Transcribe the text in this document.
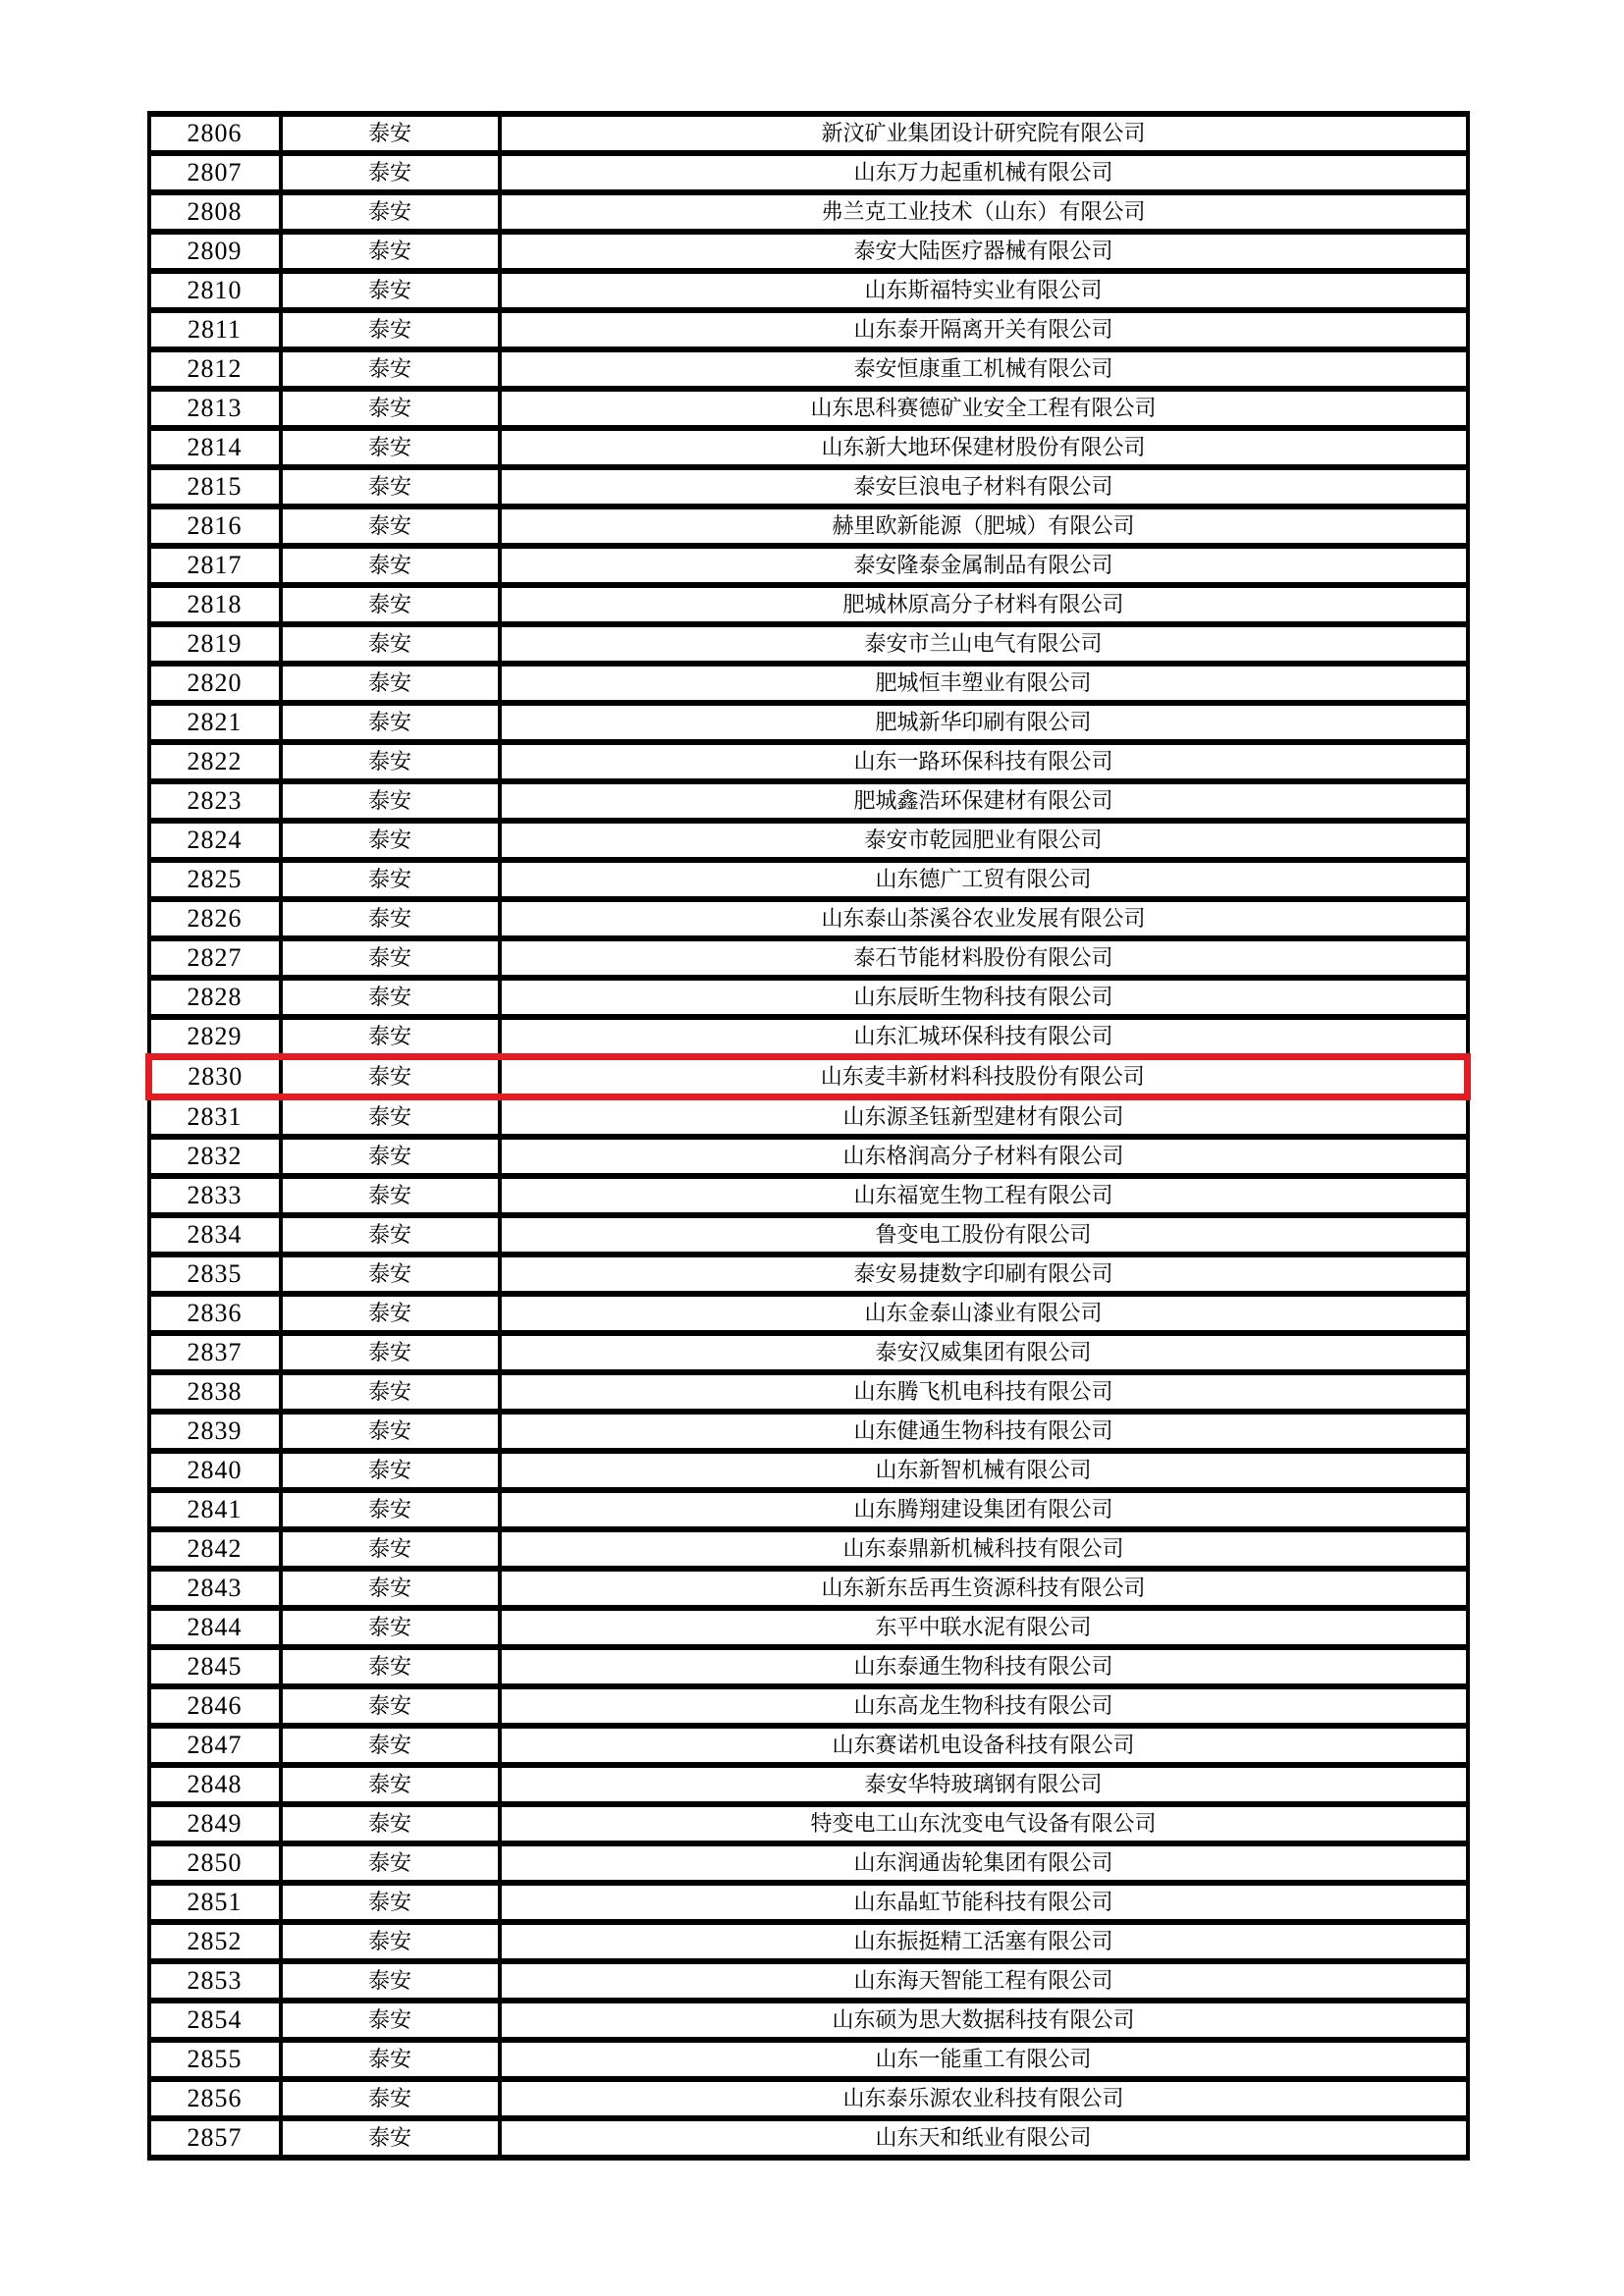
2806	泰安	新汶矿业集团设计研究院有限公司
2807	泰安	山东万力起重机械有限公司
2808	泰安	弗兰克工业技术（山东）有限公司
2809	泰安	泰安大陆医疗器械有限公司
2810	泰安	山东斯福特实业有限公司
2811	泰安	山东泰开隔离开关有限公司
2812	泰安	泰安恒康重工机械有限公司
2813	泰安	山东思科赛德矿业安全工程有限公司
2814	泰安	山东新大地环保建材股份有限公司
2815	泰安	泰安巨浪电子材料有限公司
2816	泰安	赫里欧新能源（肥城）有限公司
2817	泰安	泰安隆泰金属制品有限公司
2818	泰安	肥城林原高分子材料有限公司
2819	泰安	泰安市兰山电气有限公司
2820	泰安	肥城恒丰塑业有限公司
2821	泰安	肥城新华印刷有限公司
2822	泰安	山东一路环保科技有限公司
2823	泰安	肥城鑫浩环保建材有限公司
2824	泰安	泰安市乾园肥业有限公司
2825	泰安	山东德广工贸有限公司
2826	泰安	山东泰山茶溪谷农业发展有限公司
2827	泰安	泰石节能材料股份有限公司
2828	泰安	山东辰昕生物科技有限公司
2829	泰安	山东汇城环保科技有限公司
2830	泰安	山东麦丰新材料科技股份有限公司
2831	泰安	山东源圣钰新型建材有限公司
2832	泰安	山东格润高分子材料有限公司
2833	泰安	山东福宽生物工程有限公司
2834	泰安	鲁变电工股份有限公司
2835	泰安	泰安易捷数字印刷有限公司
2836	泰安	山东金泰山漆业有限公司
2837	泰安	泰安汉威集团有限公司
2838	泰安	山东腾飞机电科技有限公司
2839	泰安	山东健通生物科技有限公司
2840	泰安	山东新智机械有限公司
2841	泰安	山东腾翔建设集团有限公司
2842	泰安	山东泰鼎新机械科技有限公司
2843	泰安	山东新东岳再生资源科技有限公司
2844	泰安	东平中联水泥有限公司
2845	泰安	山东泰通生物科技有限公司
2846	泰安	山东高龙生物科技有限公司
2847	泰安	山东赛诺机电设备科技有限公司
2848	泰安	泰安华特玻璃钢有限公司
2849	泰安	特变电工山东沈变电气设备有限公司
2850	泰安	山东润通齿轮集团有限公司
2851	泰安	山东晶虹节能科技有限公司
2852	泰安	山东振挺精工活塞有限公司
2853	泰安	山东海天智能工程有限公司
2854	泰安	山东硕为思大数据科技有限公司
2855	泰安	山东一能重工有限公司
2856	泰安	山东泰乐源农业科技有限公司
2857	泰安	山东天和纸业有限公司
